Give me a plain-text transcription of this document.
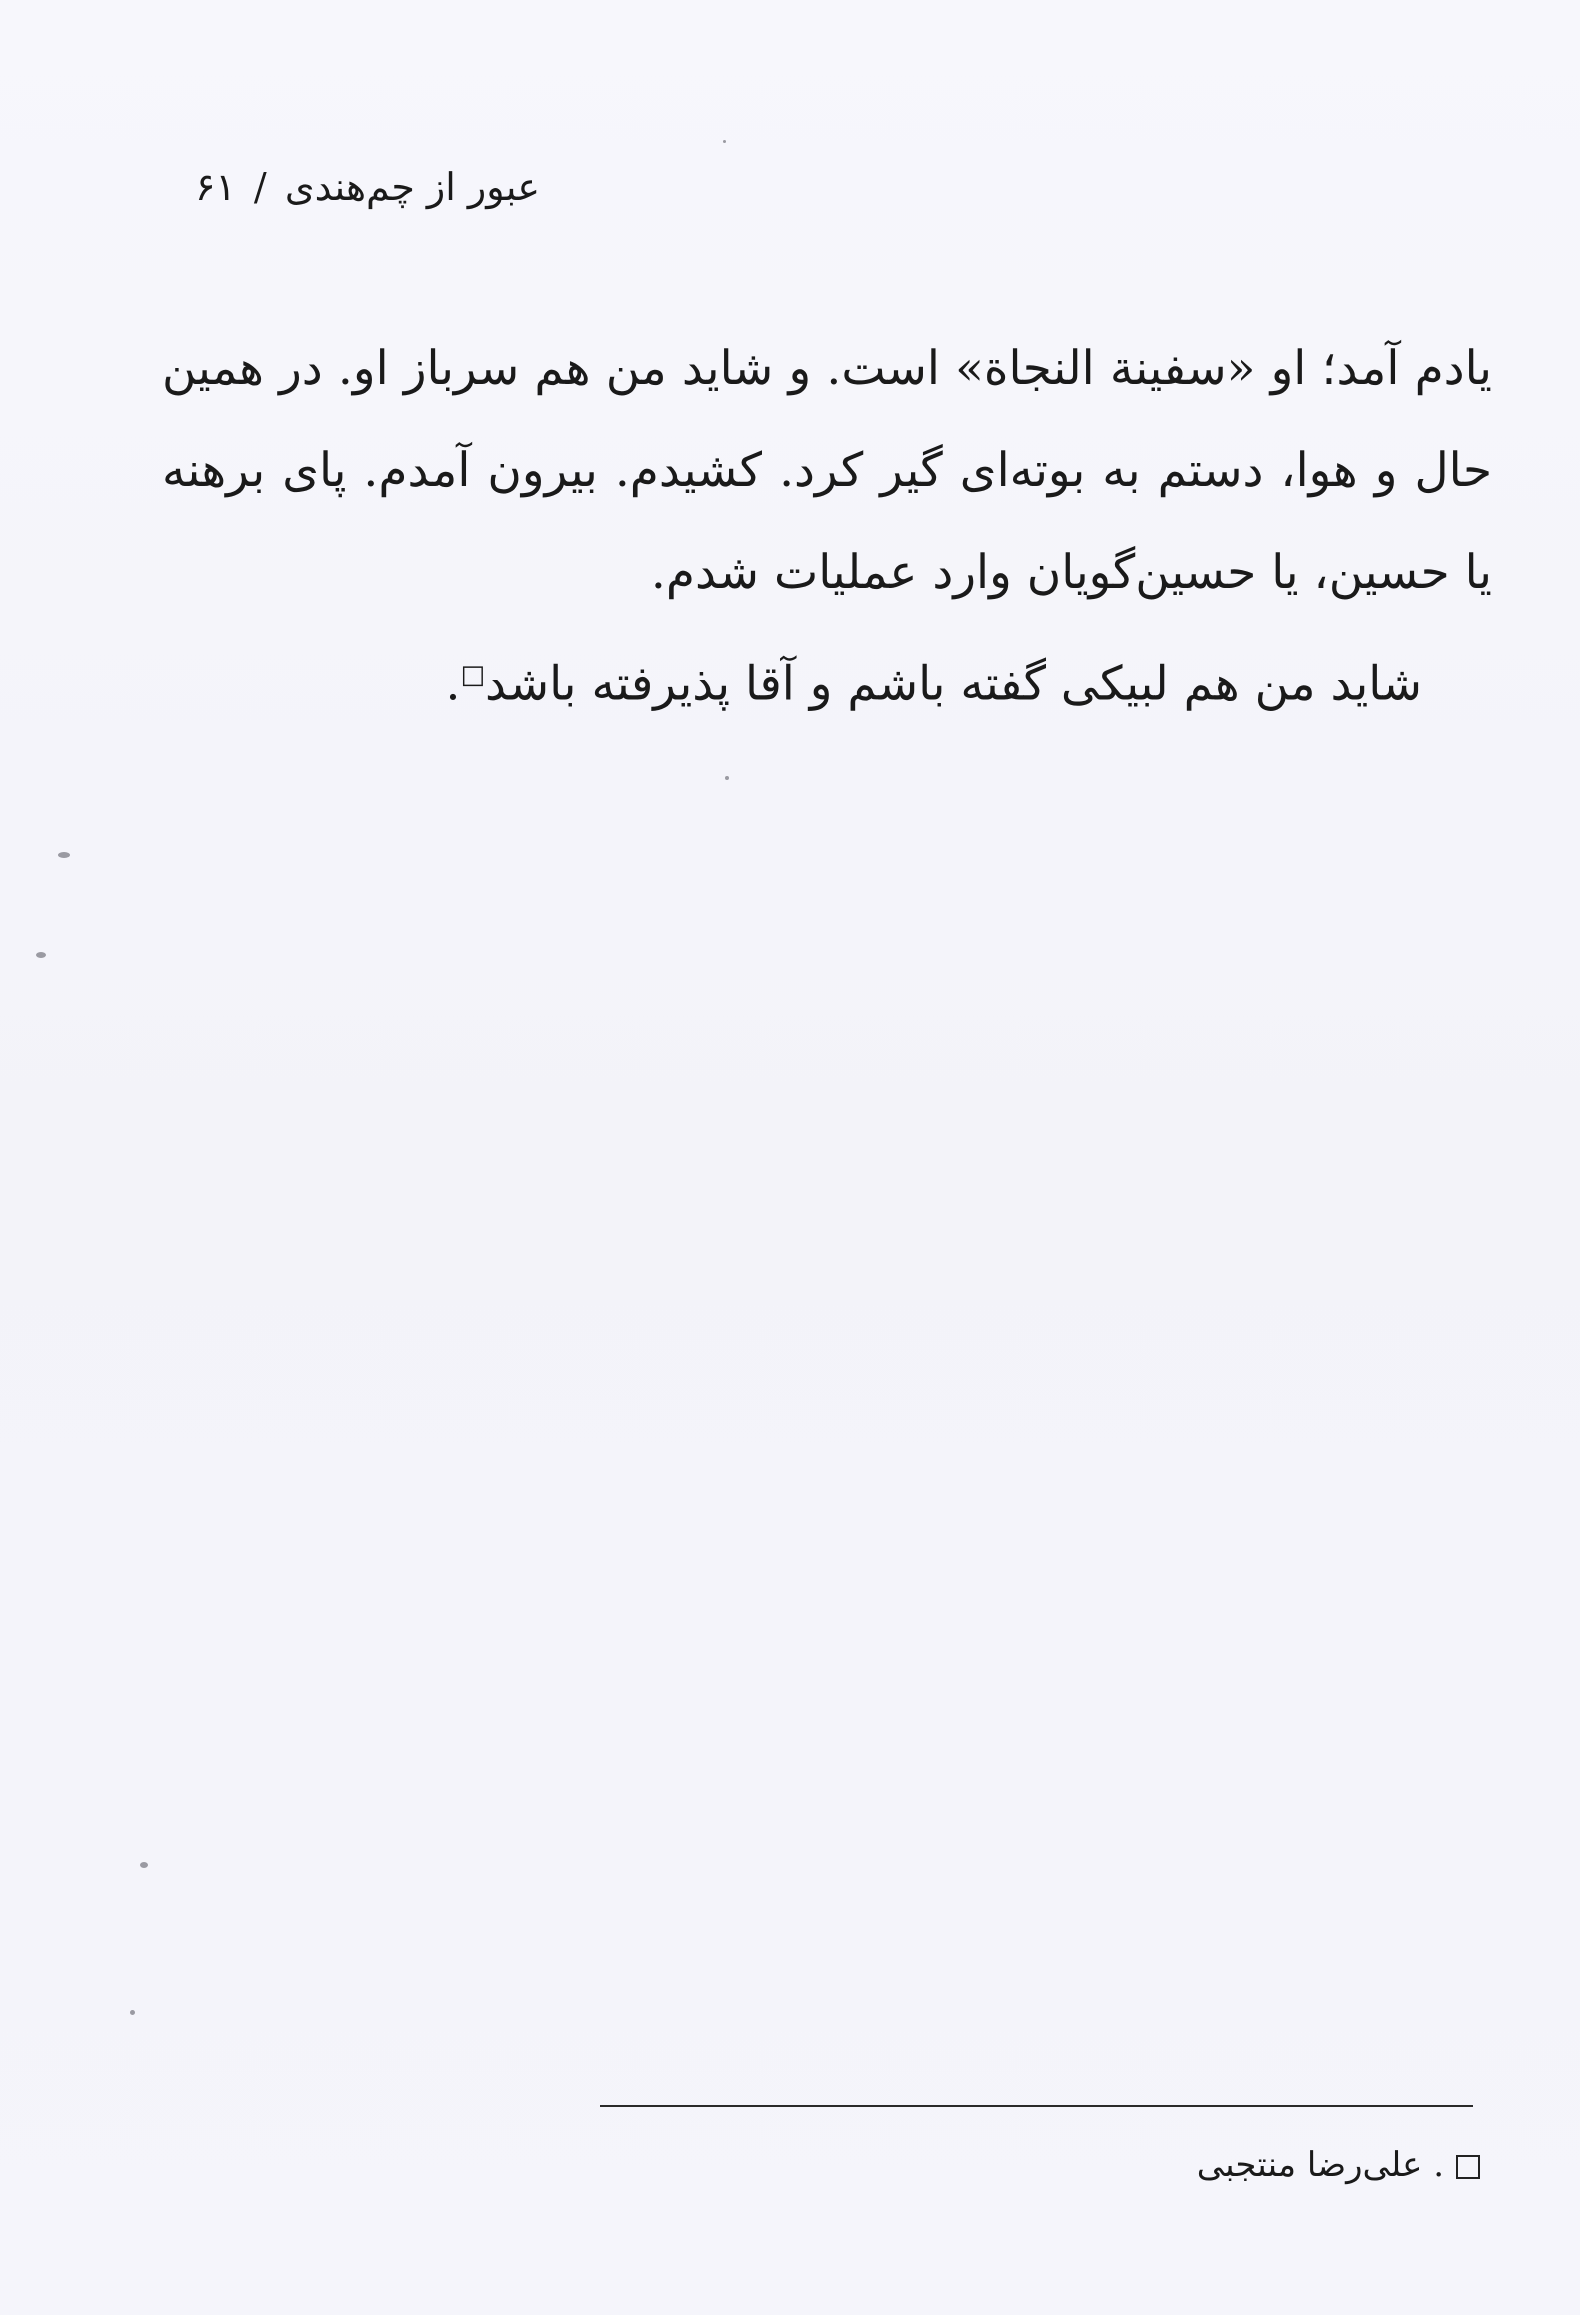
عبور از چم‌هندی / ۶۱

یادم آمد؛ او «سفینة النجاة» است. و شاید من هم سرباز او. در همین حال و هوا، دستم به بوته‌ای گیر کرد. کشیدم. بیرون آمدم. پای برهنه یا حسین، یا حسین‌گویان وارد عملیات شدم.

شاید من هم لبیکی گفته باشم و آقا پذیرفته باشد□.

. علی‌رضا منتجبی
